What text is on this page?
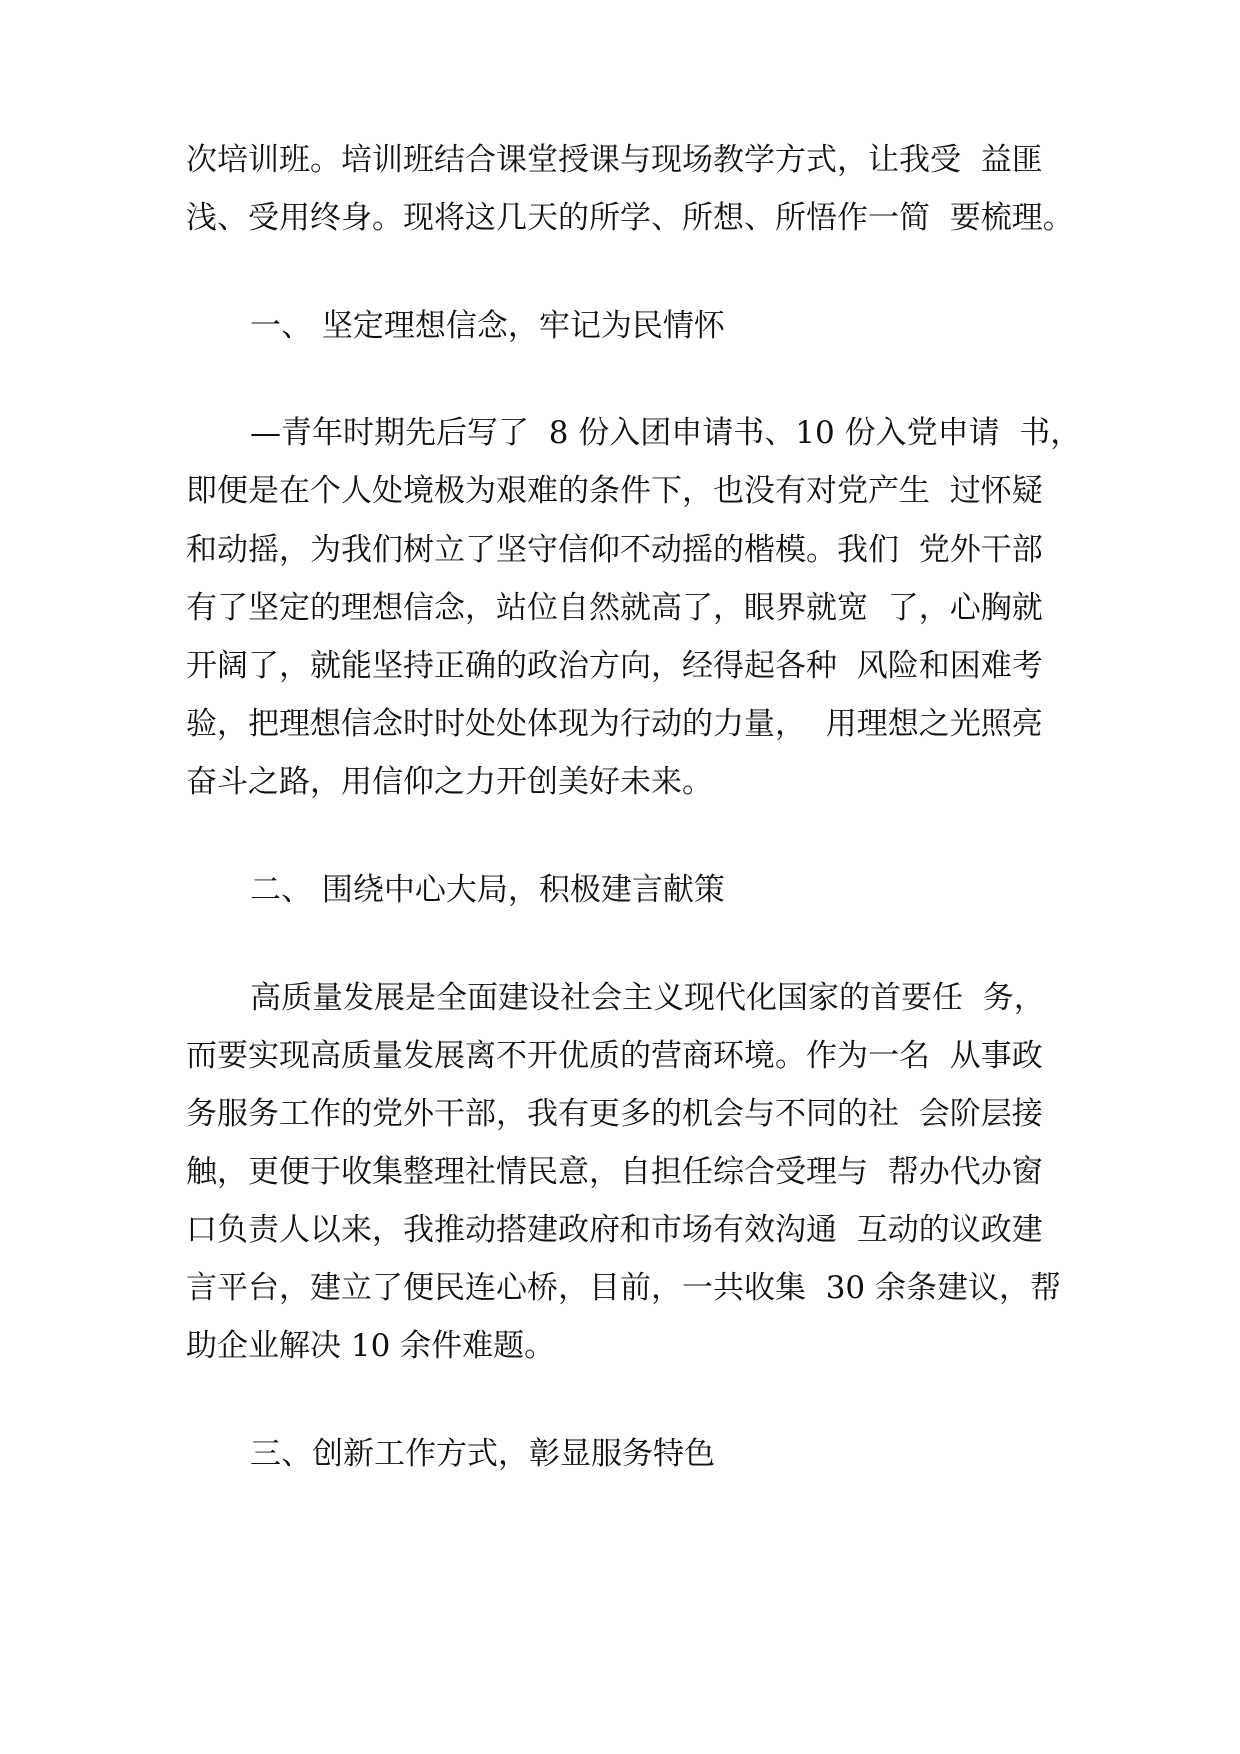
次培训班。培训班结合课堂授课与现场教学方式，让我受  益匪
浅、受用终身。现将这几天的所学、所想、所悟作一简  要梳理。
一、 坚定理想信念，牢记为民情怀
—青年时期先后写了  8 份入团申请书、10 份入党申请  书，
即便是在个人处境极为艰难的条件下，也没有对党产生  过怀疑
和动摇，为我们树立了坚守信仰不动摇的楷模。我们  党外干部
有了坚定的理想信念，站位自然就高了，眼界就宽  了，心胸就
开阔了，就能坚持正确的政治方向，经得起各种  风险和困难考
验，把理想信念时时处处体现为行动的力量，  用理想之光照亮
奋斗之路，用信仰之力开创美好未来。
二、 围绕中心大局，积极建言献策
高质量发展是全面建设社会主义现代化国家的首要任  务，
而要实现高质量发展离不开优质的营商环境。作为一名  从事政
务服务工作的党外干部，我有更多的机会与不同的社  会阶层接
触，更便于收集整理社情民意，自担任综合受理与  帮办代办窗
口负责人以来，我推动搭建政府和市场有效沟通  互动的议政建
言平台，建立了便民连心桥，目前，一共收集  30 余条建议，帮
助企业解决 10 余件难题。
三、创新工作方式，彰显服务特色
